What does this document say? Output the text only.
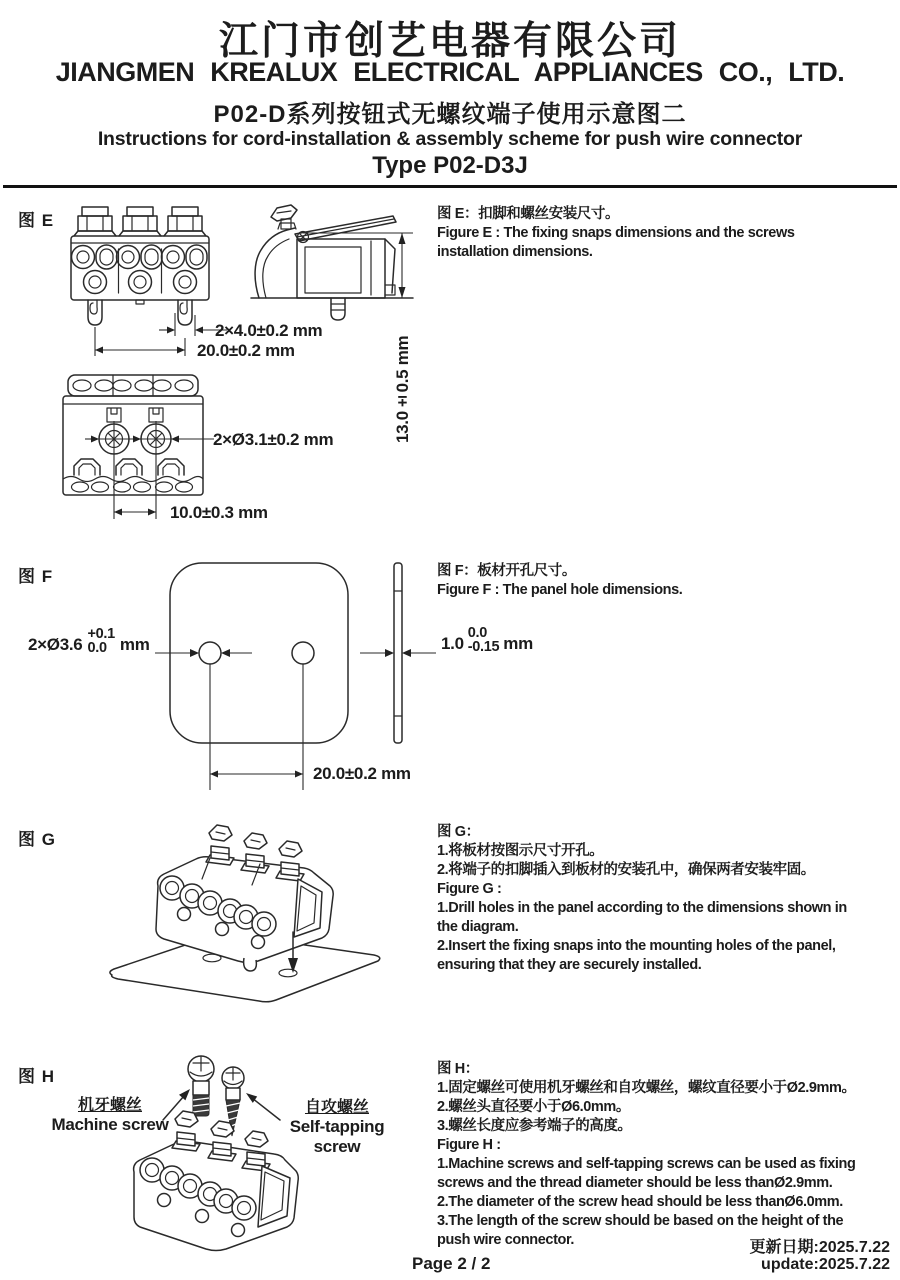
江门市创艺电器有限公司
JIANGMEN KREALUX ELECTRICAL APPLIANCES CO., LTD.
P02-D系列按钮式无螺纹端子使用示意图二
Instructions for cord-installation & assembly scheme for push wire connector
Type P02-D3J
图 E
2×4.0±0.2 mm
20.0±0.2 mm	13.0±0.5 mm
2×Ø3.1±0.2 mm
10.0±0.3 mm
图 E：扣脚和螺丝安装尺寸。
Figure E : The fixing snaps dimensions and the screws
installation dimensions.
图 F
2×Ø3.6
+0.1
0.0 mm
20.0±0.2 mm
1.0
0.0
-0.15 mm
图 F：板材开孔尺寸。
Figure F : The panel hole dimensions.
图 G	图 G：
1.将板材按图示尺寸开孔。
2.将端子的扣脚插入到板材的安装孔中，确保两者安装牢固。
Figure G :
1.Drill holes in the panel according to the dimensions shown in
the diagram.
2.Insert the fixing snaps into the mounting holes of the panel,
ensuring that they are securely installed.
图 H
机牙螺丝
Machine screw
自攻螺丝
Self-tapping screw
图 H：
1.固定螺丝可使用机牙螺丝和自攻螺丝，螺纹直径要小于Ø2.9mm。
2.螺丝头直径要小于Ø6.0mm。
3.螺丝长度应参考端子的高度。
Figure H :
1.Machine screws and self-tapping screws can be used as fixing
screws and the thread diameter should be less thanØ2.9mm.
2.The diameter of the screw head should be less thanØ6.0mm.
3.The length of the screw should be based on the height of the
push wire connector.
Page 2 / 2
更新日期:2025.7.22
update:2025.7.22
